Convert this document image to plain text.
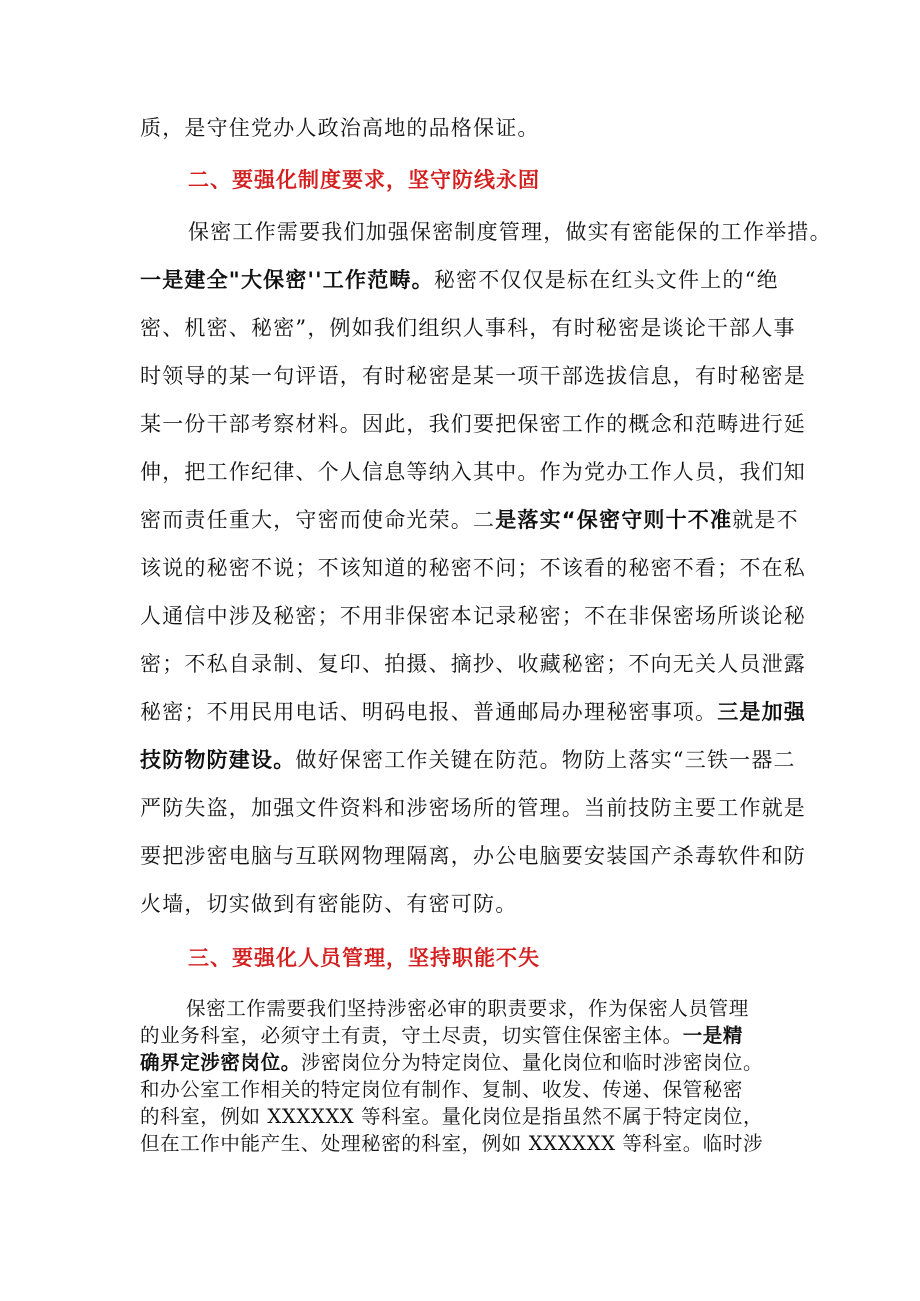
质，是守住党办人政治高地的品格保证。
二、要强化制度要求，坚守防线永固
保密工作需要我们加强保密制度管理，做实有密能保的工作举措。
一是建全"大保密''工作范畴。秘密不仅仅是标在红头文件上的“绝
密、机密、秘密”，例如我们组织人事科，有时秘密是谈论干部人事
时领导的某一句评语，有时秘密是某一项干部选拔信息，有时秘密是
某一份干部考察材料。因此，我们要把保密工作的概念和范畴进行延
伸，把工作纪律、个人信息等纳入其中。作为党办工作人员，我们知
密而责任重大，守密而使命光荣。二是落实“保密守则十不准就是不
该说的秘密不说；不该知道的秘密不问；不该看的秘密不看；不在私
人通信中涉及秘密；不用非保密本记录秘密；不在非保密场所谈论秘
密；不私自录制、复印、拍摄、摘抄、收藏秘密；不向无关人员泄露
秘密；不用民用电话、明码电报、普通邮局办理秘密事项。三是加强
技防物防建设。做好保密工作关键在防范。物防上落实“三铁一器二
严防失盗，加强文件资料和涉密场所的管理。当前技防主要工作就是
要把涉密电脑与互联网物理隔离，办公电脑要安装国产杀毒软件和防
火墙，切实做到有密能防、有密可防。
三、要强化人员管理，坚持职能不失
保密工作需要我们坚持涉密必审的职责要求，作为保密人员管理
的业务科室，必须守土有责，守土尽责，切实管住保密主体。一是精
确界定涉密岗位。涉密岗位分为特定岗位、量化岗位和临时涉密岗位。
和办公室工作相关的特定岗位有制作、复制、收发、传递、保管秘密
的科室，例如 XXXXXX 等科室。量化岗位是指虽然不属于特定岗位，
但在工作中能产生、处理秘密的科室，例如 XXXXXX 等科室。临时涉
